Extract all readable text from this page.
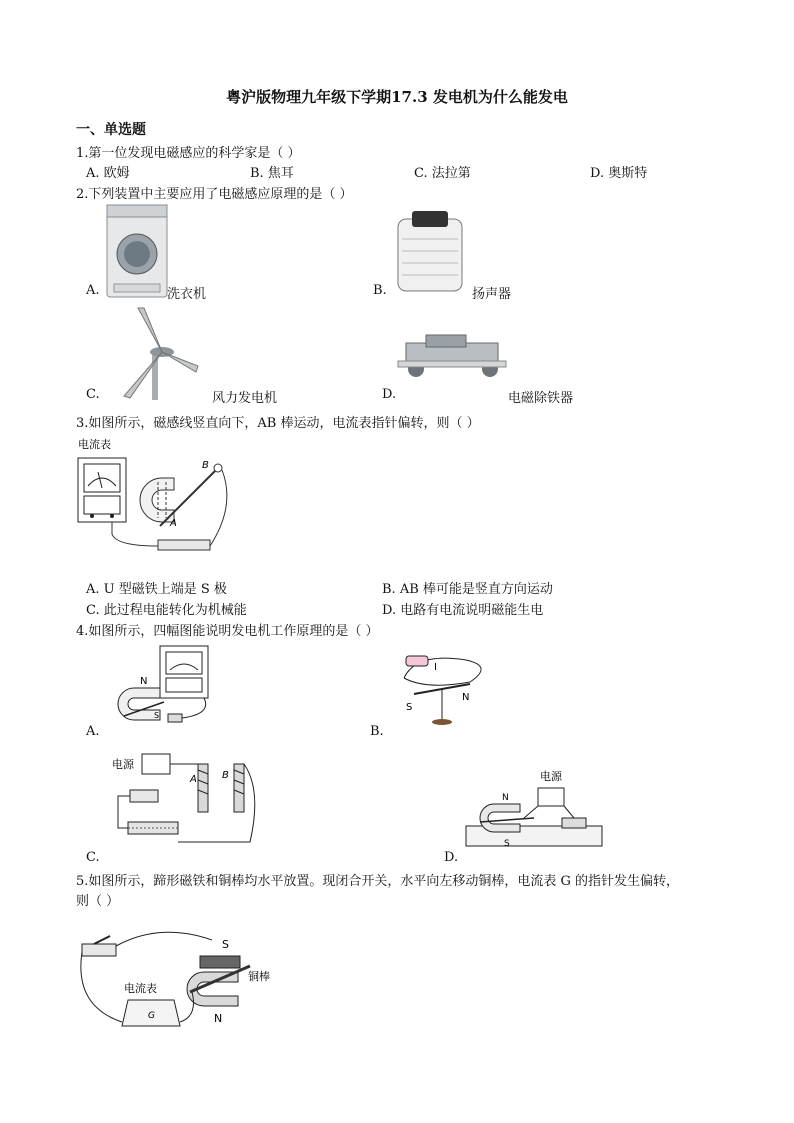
粤沪版物理九年级下学期17.3 发电机为什么能发电
一、单选题
1.第一位发现电磁感应的科学家是（ ）
A. 欧姆	B. 焦耳	C. 法拉第	D. 奥斯特
2.下列装置中主要应用了电磁感应原理的是（ ）
A.	洗衣机	B.	扬声器
C.	风力发电机	D.	电磁除铁器
3.如图所示，磁感线竖直向下，AB 棒运动，电流表指针偏转，则（ ）
电流表
A
B
A. U 型磁铁上端是 S 极	B. AB 棒可能是竖直方向运动
C. 此过程电能转化为机械能	D. 电路有电流说明磁能生电
4.如图所示，四幅图能说明发电机工作原理的是（ ）
N
S
A.
I
S
N
B.
电源
A	B
C.
电源
N
S
D.
5.如图所示，蹄形磁铁和铜棒均水平放置。现闭合开关，水平向左移动铜棒，电流表 G 的指针发生偏转，
则（ ）
电流表
G
S
N
铜棒
